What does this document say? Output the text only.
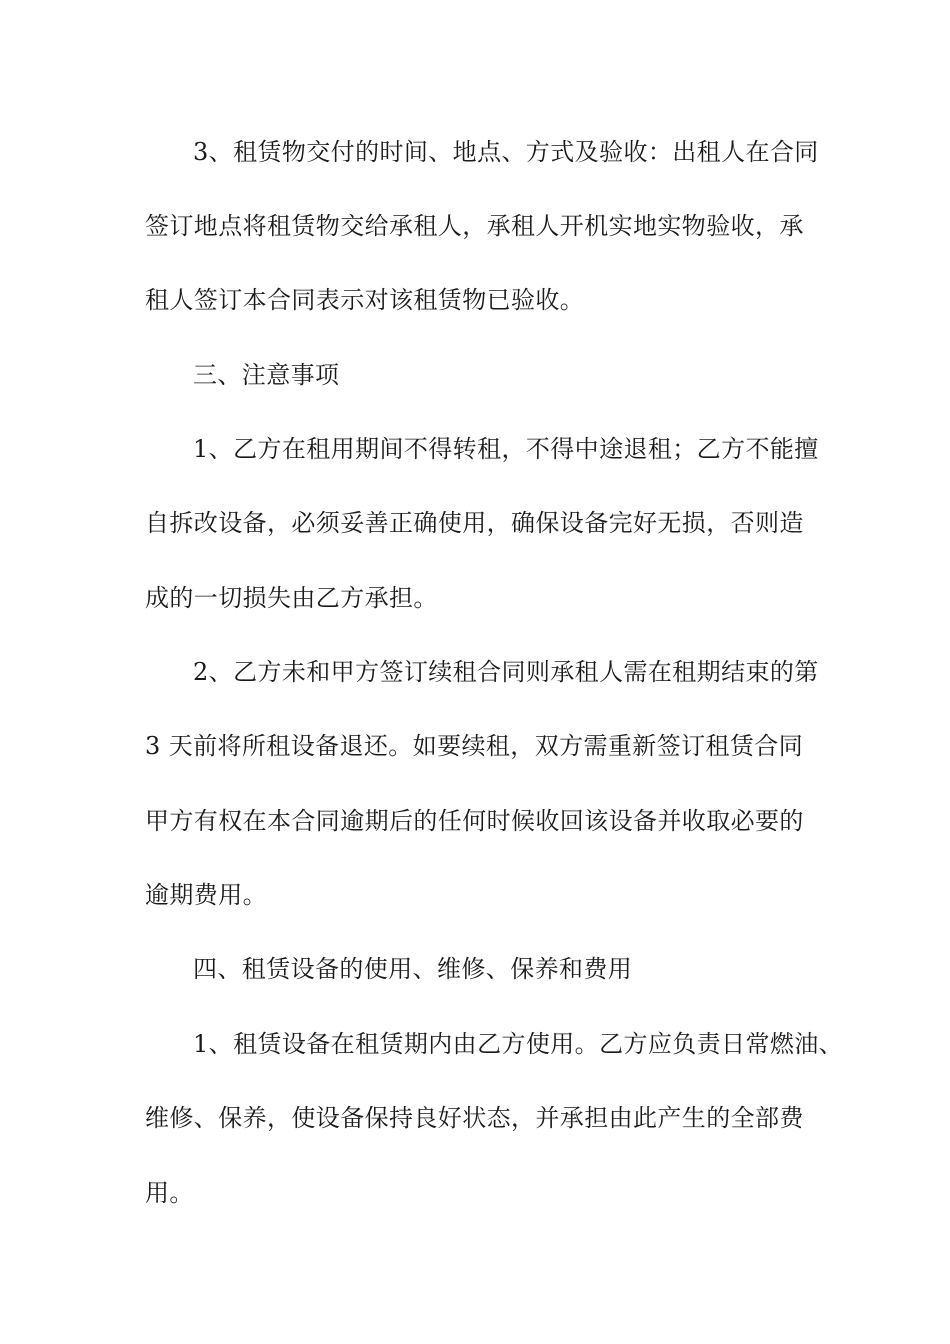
3、租赁物交付的时间、地点、方式及验收：出租人在合同
签订地点将租赁物交给承租人，承租人开机实地实物验收，承
租人签订本合同表示对该租赁物已验收。
三、注意事项
1、乙方在租用期间不得转租，不得中途退租；乙方不能擅
自拆改设备，必须妥善正确使用，确保设备完好无损，否则造
成的一切损失由乙方承担。
2、乙方未和甲方签订续租合同则承租人需在租期结束的第
3 天前将所租设备退还。如要续租，双方需重新签订租赁合同
甲方有权在本合同逾期后的任何时候收回该设备并收取必要的
逾期费用。
四、租赁设备的使用、维修、保养和费用
1、租赁设备在租赁期内由乙方使用。乙方应负责日常燃油、
维修、保养，使设备保持良好状态，并承担由此产生的全部费
用。
